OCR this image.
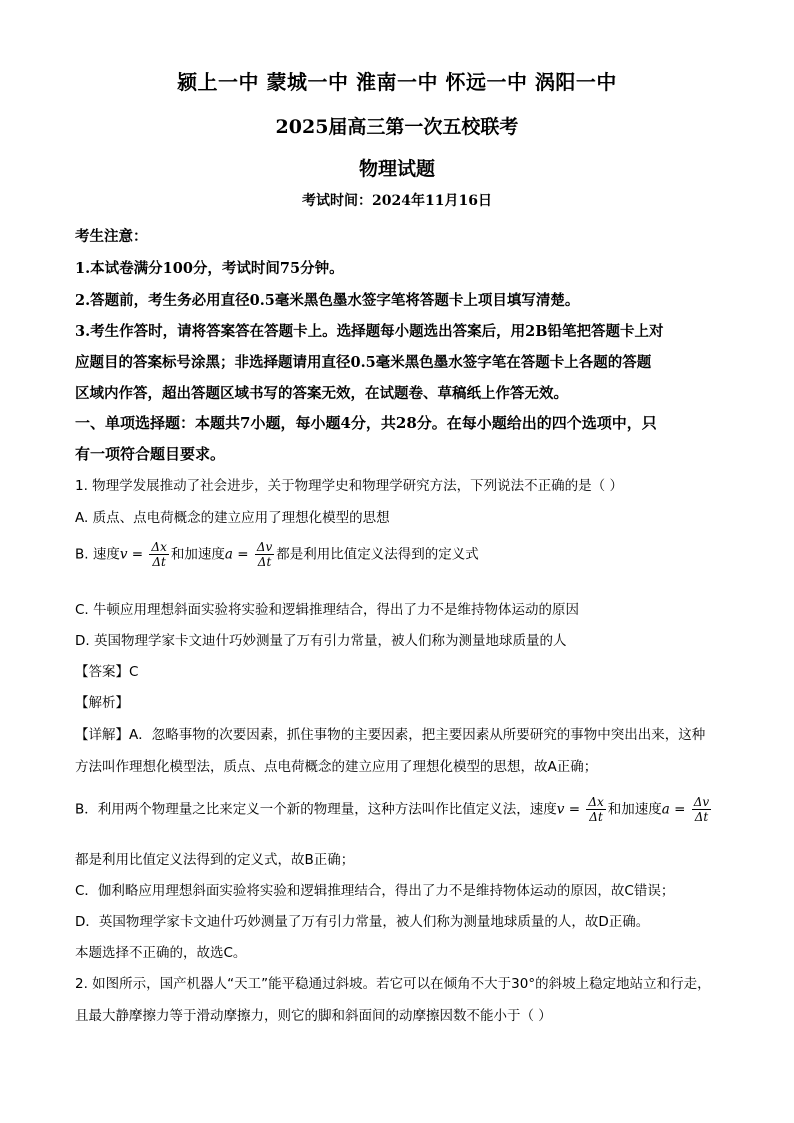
颍上一中 蒙城一中 淮南一中 怀远一中 涡阳一中
2025届高三第一次五校联考
物理试题
考试时间：2024年11月16日
考生注意：
1.本试卷满分100分，考试时间75分钟。
2.答题前，考生务必用直径0.5毫米黑色墨水签字笔将答题卡上项目填写清楚。
3.考生作答时，请将答案答在答题卡上。选择题每小题选出答案后，用2B铅笔把答题卡上对
应题目的答案标号涂黑；非选择题请用直径0.5毫米黑色墨水签字笔在答题卡上各题的答题
区域内作答，超出答题区域书写的答案无效，在试题卷、草稿纸上作答无效。
一、单项选择题：本题共7小题，每小题4分，共28分。在每小题给出的四个选项中，只
有一项符合题目要求。
1. 物理学发展推动了社会进步，关于物理学史和物理学研究方法，下列说法不正确的是（ ）
A. 质点、点电荷概念的建立应用了理想化模型的思想
B. 速度$v = \frac{\Delta x}{\Delta t}$ 和加速度$a = \frac{\Delta v}{\Delta t}$ 都是利用比值定义法得到的定义式
C. 牛顿应用理想斜面实验将实验和逻辑推理结合，得出了力不是维持物体运动的原因
D. 英国物理学家卡文迪什巧妙测量了万有引力常量，被人们称为测量地球质量的人
【答案】C
【解析】
【详解】A．忽略事物的次要因素，抓住事物的主要因素，把主要因素从所要研究的事物中突出出来，这种
方法叫作理想化模型法，质点、点电荷概念的建立应用了理想化模型的思想，故A正确；
B．利用两个物理量之比来定义一个新的物理量，这种方法叫作比值定义法，速度$v = \frac{\Delta x}{\Delta t}$ 和加速度$a = \frac{\Delta v}{\Delta t}$
都是利用比值定义法得到的定义式，故B正确；
C．伽利略应用理想斜面实验将实验和逻辑推理结合，得出了力不是维持物体运动的原因，故C错误；
D．英国物理学家卡文迪什巧妙测量了万有引力常量，被人们称为测量地球质量的人，故D正确。
本题选择不正确的，故选C。
2. 如图所示，国产机器人“天工”能平稳通过斜坡。若它可以在倾角不大于30°的斜坡上稳定地站立和行走，
且最大静摩擦力等于滑动摩擦力，则它的脚和斜面间的动摩擦因数不能小于（ ）
